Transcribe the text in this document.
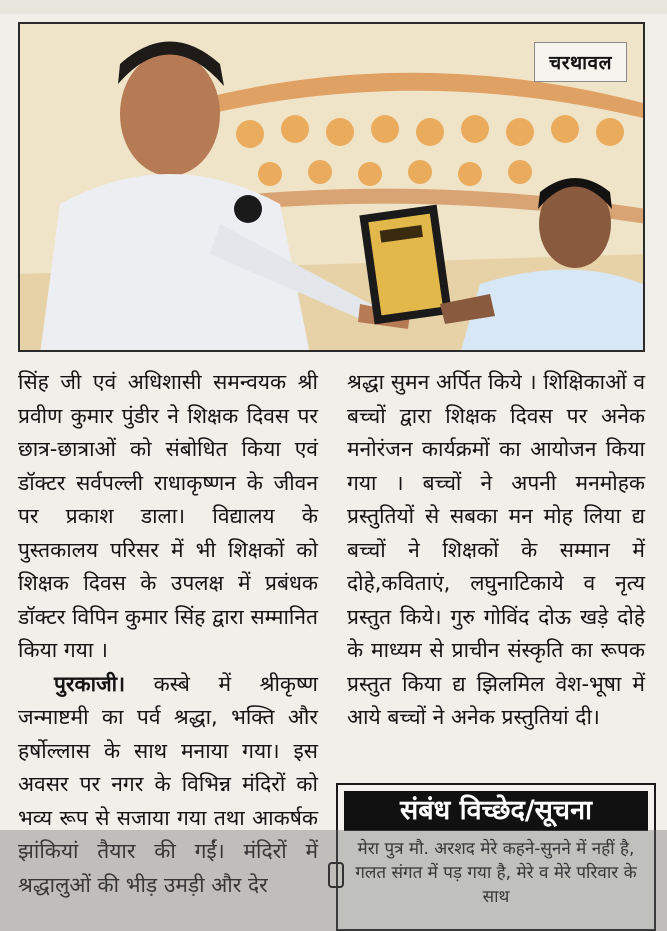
चरथावल

सिंह जी एवं अधिशासी समन्वयक श्री प्रवीण कुमार पुंडीर ने शिक्षक दिवस पर छात्र-छात्राओं को संबोधित किया एवं डॉक्टर सर्वपल्ली राधाकृष्णन के जीवन पर प्रकाश डाला। विद्यालय के पुस्तकालय परिसर में भी शिक्षकों को शिक्षक दिवस के उपलक्ष में प्रबंधक डॉक्टर विपिन कुमार सिंह द्वारा सम्मानित किया गया ।

पुरकाजी। कस्बे में श्रीकृष्ण जन्माष्टमी का पर्व श्रद्धा, भक्ति और हर्षोल्लास के साथ मनाया गया। इस अवसर पर नगर के विभिन्न मंदिरों को भव्य रूप से सजाया गया तथा आकर्षक झांकियां तैयार की गईं। मंदिरों में श्रद्धालुओं की भीड़ उमड़ी और देर

श्रद्धा सुमन अर्पित किये । शिक्षिकाओं व बच्चों द्वारा शिक्षक दिवस पर अनेक मनोरंजन कार्यक्रमों का आयोजन किया गया । बच्चों ने अपनी मनमोहक प्रस्तुतियों से सबका मन मोह लिया द्य बच्चों ने शिक्षकों के सम्मान में दोहे,कविताएं, लघुनाटिकाये व नृत्य प्रस्तुत किये। गुरु गोविंद दोऊ खड़े दोहे के माध्यम से प्राचीन संस्कृति का रूपक प्रस्तुत किया द्य झिलमिल वेश-भूषा में आये बच्चों ने अनेक प्रस्तुतियां दी।

संबंध विच्छेद/सूचना
मेरा पुत्र मौ. अरशद मेरे कहने-सुनने में नहीं है, गलत संगत में पड़ गया है, मेरे व मेरे परिवार के साथ
